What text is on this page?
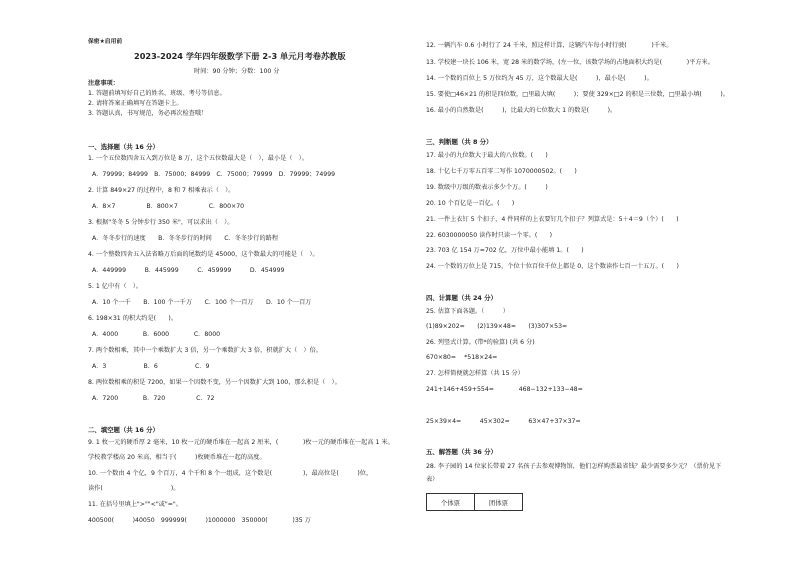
保密★启用前
2023-2024 学年四年级数学下册 2-3 单元月考卷苏教版
时间：90 分钟；分数：100 分
注意事项：
1. 答题前填写好自己的姓名、班级、考号等信息。
2. 请将答案正确填写在答题卡上。
3. 答题认真，书写规范，务必再次检查哦！
一、选择题（共 16 分）
1. 一个五位数四舍五入到万位是 8 万，这个五位数最大是（　），最小是（　）。
A．79999；84999　B．75000；84999　C．75000；79999　D．79999；74999
2. 计算 849×27 的过程中，8 和 7 相乘表示（　）。
A．8×7　　　　　B．800×7　　　　　C．800×70
3. 根据"冬冬 5 分钟步行 350 米"，可以求出（　）。
A．冬冬步行的速度　　B．冬冬步行的时间　　C．冬冬步行的路程
4. 一个整数四舍五入法省略万后面的尾数约是 45000，这个数最大的可能是（　）。
A．449999　　　B．445999　　　C．459999　　　D．454999
5. 1 亿中有（　）。
A．10 个一千　　B．100 个一千万　　C．100 个一百万　　D．10 个一百万
6. 198×31 的积大约是(　　)。
A．4000　　　　B．6000　　　　C．8000
7. 两个数相乘，其中一个乘数扩大 3 倍，另一个乘数扩大 3 倍，积就扩大（　）倍。
A．3　　　　　　B．6　　　　　　C．9
8. 两位数相乘的积是 7200，如果一个因数不变，另一个因数扩大到 100，那么积是（　）。
A．7200　　　　B．720　　　　　C．72
二、填空题（共 16 分）
9. 1 枚一元的硬币厚 2 毫米，10 枚一元的硬币堆在一起高 2 厘米，(　　　　)枚一元的硬币堆在一起高 1 米。
学校教学楼高 20 米高，相当于(　　　)枚硬币堆在一起的高度。
10. 一个数由 4 个亿，9 个百万，4 个千和 8 个一组成，这个数是(　　　　　)，最高位是(　　　)位，
读作(　　　　　　　　　　　)。
11. 在括号里填上">""<"或"="。
400500(　　　)40050　999999(　　　)1000000　350000(　　　　)35 万
12. 一辆汽车 0.6 小时行了 24 千米，照这样计算，这辆汽车每小时行驶(　　　　)千米。
13. 学校建一块长 106 米，宽 28 米的数学场，(左一位，该数学场的占地面积大约是(　　　　)平方米。
14. 一个数的百位上 5 万位约为 45 万，这个数最大是(　　　)，最小是(　　　)。
15. 要使□46×21 的积是四位数，□里最大填(　　　)；要使 329×□2 的积是三位数，□里最小填(　　　)。
16. 最小的自然数是(　　　)，比最大的七位数大 1 的数是(　　　)。
三、判断题（共 8 分）
17. 最小的九位数大于最大的八位数。(　　)
18. 十亿七千万零五百零二写作 1070000502。(　　)
19. 数级中万级的数表示多少个万。(　　　)
20. 10 个百亿是一百亿。(　　)
21. 一件上衣钉 5 个扣子，4 件同样的上衣要钉几个扣子？列算式是：5＋4＝9（个）(　　)
22. 6030000050 读作时只读一个零。(　　)
23. 703 亿 154 万≈702 亿，万位中最小能填 1。(　　)
24. 一个数的万位上是 715，个位十位百位千位上都是 0，这个数读作七百一十五万。(　　)
四、计算题（共 24 分）
25. 估算下面各题。（　　　）
(1)89×202≈　　(2)139×48≈　　(3)307×53≈
26. 列竖式计算。(带*的验算) (共 6 分)
670×80=　 *518×24=
27. 怎样简便就怎样算（共 15 分）
241+146+459+554=　　　　468−132+133−48=
25×39×4=　　　45×302=　　　63×47+37×37=
五、解答题（共 36 分）
28. 李子园的 14 位家长带着 27 名孩子去参观博物馆，他们怎样购票最省钱？最少需要多少元？（票价见下
表）
个体票	团体票
